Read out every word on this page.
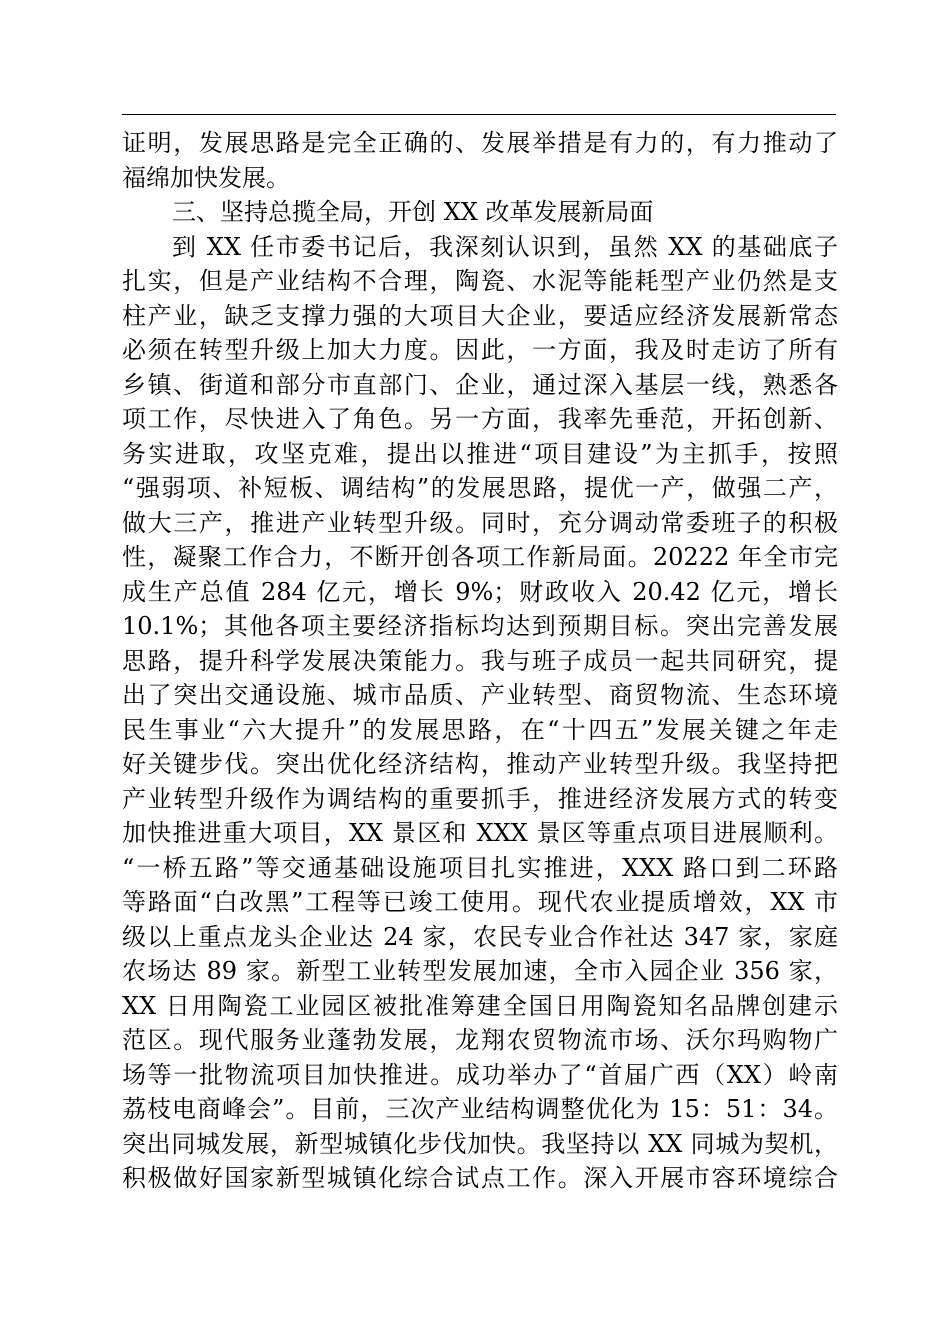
证明，发展思路是完全正确的、发展举措是有力的，有力推动了
福绵加快发展。
三、坚持总揽全局，开创 XX 改革发展新局面
到 XX 任市委书记后，我深刻认识到，虽然 XX 的基础底子
扎实，但是产业结构不合理，陶瓷、水泥等能耗型产业仍然是支
柱产业，缺乏支撑力强的大项目大企业，要适应经济发展新常态
必须在转型升级上加大力度。因此，一方面，我及时走访了所有
乡镇、街道和部分市直部门、企业，通过深入基层一线，熟悉各
项工作，尽快进入了角色。另一方面，我率先垂范，开拓创新、
务实进取，攻坚克难，提出以推进“项目建设”为主抓手，按照
“强弱项、补短板、调结构”的发展思路，提优一产，做强二产，
做大三产，推进产业转型升级。同时，充分调动常委班子的积极
性，凝聚工作合力，不断开创各项工作新局面。20222 年全市完
成生产总值 284 亿元，增长 9%；财政收入 20.42 亿元，增长
10.1%；其他各项主要经济指标均达到预期目标。突出完善发展
思路，提升科学发展决策能力。我与班子成员一起共同研究，提
出了突出交通设施、城市品质、产业转型、商贸物流、生态环境
民生事业“六大提升”的发展思路，在“十四五”发展关键之年走
好关键步伐。突出优化经济结构，推动产业转型升级。我坚持把
产业转型升级作为调结构的重要抓手，推进经济发展方式的转变
加快推进重大项目，XX 景区和 XXX 景区等重点项目进展顺利。
“一桥五路”等交通基础设施项目扎实推进，XXX 路口到二环路
等路面“白改黑”工程等已竣工使用。现代农业提质增效，XX 市
级以上重点龙头企业达 24 家，农民专业合作社达 347 家，家庭
农场达 89 家。新型工业转型发展加速，全市入园企业 356 家，
XX 日用陶瓷工业园区被批准筹建全国日用陶瓷知名品牌创建示
范区。现代服务业蓬勃发展，龙翔农贸物流市场、沃尔玛购物广
场等一批物流项目加快推进。成功举办了“首届广西（XX）岭南
荔枝电商峰会”。目前，三次产业结构调整优化为 15：51：34。
突出同城发展，新型城镇化步伐加快。我坚持以 XX 同城为契机，
积极做好国家新型城镇化综合试点工作。深入开展市容环境综合
